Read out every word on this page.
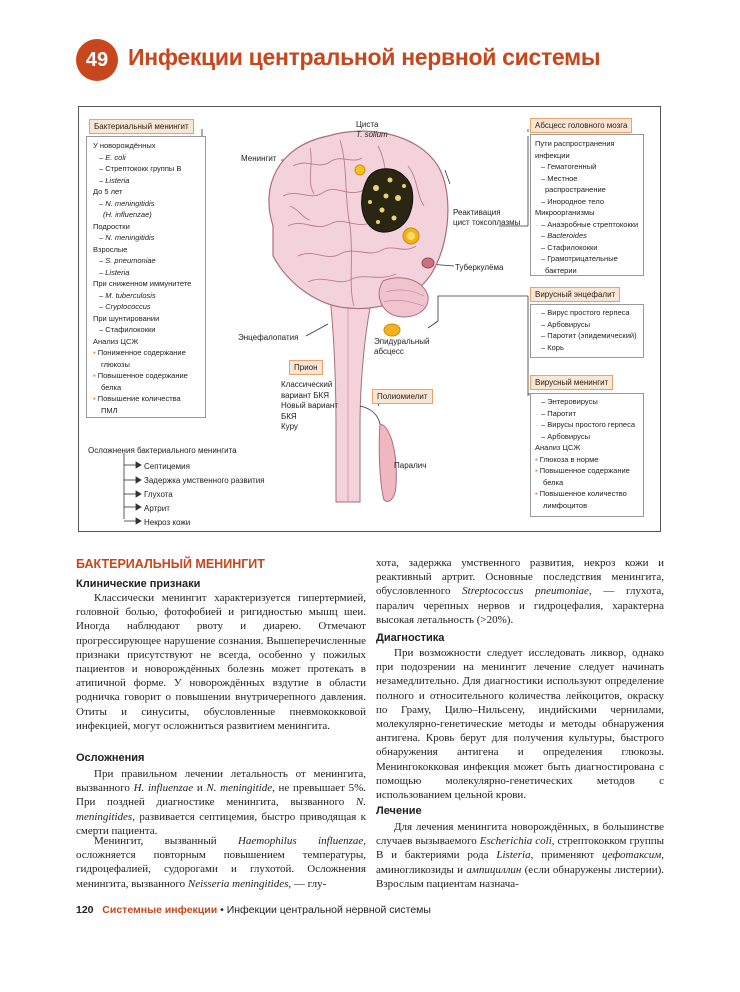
49 Инфекции центральной нервной системы
Бактериальный менингит
У новорождённых
– E. coli
– Стрептококк группы В
– Listeria
До 5 лет
– N. meningitidis
(H. influenzae)
Подростки
– N. meningitidis
Взрослые
– S. pneumoniae
– Listeria
При сниженном иммунитете
– M. tuberculosis
– Cryptococcus
При шунтировании
– Стафилококки
Анализ ЦСЖ
▪ Пониженное содержание
глюкозы
▪ Повышенное содержание
белка
▪ Повышение количества
ПМЛ
Осложнения бактериального менингита
Септицемия
Задержка умственного развития
Глухота
Артрит
Некроз кожи
Менингит
Циста
T. solium
Реактивация
цист токсоплазмы
Туберкулёма
Энцефалопатия	Эпидуральный
абсцесс
Прион
Классический
вариант БКЯ
Новый вариант
БКЯ
Куру
Полиомиелит
Паралич
Абсцесс головного мозга
Пути распространения
инфекции
– Гематогенный
– Местное
распространение
– Инородное тело
Микроорганизмы
– Анаэробные стрептококки
– Bacteroides
– Стафилококки
– Грамотрицательные
бактерии
Вирусный энцефалит
– Вирус простого герпеса
– Арбовирусы
– Паротит (эпидемический)
– Корь
Вирусный менингит
– Энтеровирусы
– Паротит
– Вирусы простого герпеса
– Арбовирусы
Анализ ЦСЖ
▪ Глюкоза в норме
▪ Повышенное содержание
белка
▪ Повышенное количество
лимфоцитов
БАКТЕРИАЛЬНЫЙ МЕНИНГИТ
Клинические признаки
Классически менингит характеризуется гипертермией, головной болью, фотофобией и ригидностью мышц шеи. Иногда наблюдают рвоту и диарею. Отмечают прогрессирующее нарушение сознания. Вышеперечисленные признаки присутствуют не всегда, особенно у пожилых пациентов и новорождённых болезнь может протекать в атипичной форме. У новорождённых вздутие в области родничка говорит о повышении внутричерепного давления. Отиты и синуситы, обусловленные пневмококковой инфекцией, могут осложниться развитием менингита.
Осложнения
При правильном лечении летальность от менингита, вызванного H. influenzae и N. meningitide, не превышает 5%. При поздней диагностике менингита, вызванного N. meningitides, развивается септицемия, быстро приводящая к смерти пациента.
Менингит, вызванный Haemophilus influenzae, осложняется повторным повышением температуры, гидроцефалией, судорогами и глухотой. Осложнения менингита, вызванного Neisseria meningitides, — глу-
хота, задержка умственного развития, некроз кожи и реактивный артрит. Основные последствия менингита, обусловленного Streptococcus pneumoniae, — глухота, паралич черепных нервов и гидроцефалия, характерна высокая летальность (>20%).
Диагностика
При возможности следует исследовать ликвор, однако при подозрении на менингит лечение следует начинать незамедлительно. Для диагностики используют определение полного и относительного количества лейкоцитов, окраску по Граму, Цилю–Нильсену, индийскими чернилами, молекулярно-генетические методы и методы обнаружения антигена. Кровь берут для получения культуры, быстрого обнаружения антигена и определения глюкозы. Менингококковая инфекция может быть диагностирована с помощью молекулярно-генетических методов с использованием цельной крови.
Лечение
Для лечения менингита новорождённых, в большинстве случаев вызываемого Escherichia coli, стрептококком группы В и бактериями рода Listeria, применяют цефотаксим, аминогликозиды и ампициллин (если обнаружены листерии). Взрослым пациентам назнача-
120 Системные инфекции • Инфекции центральной нервной системы
